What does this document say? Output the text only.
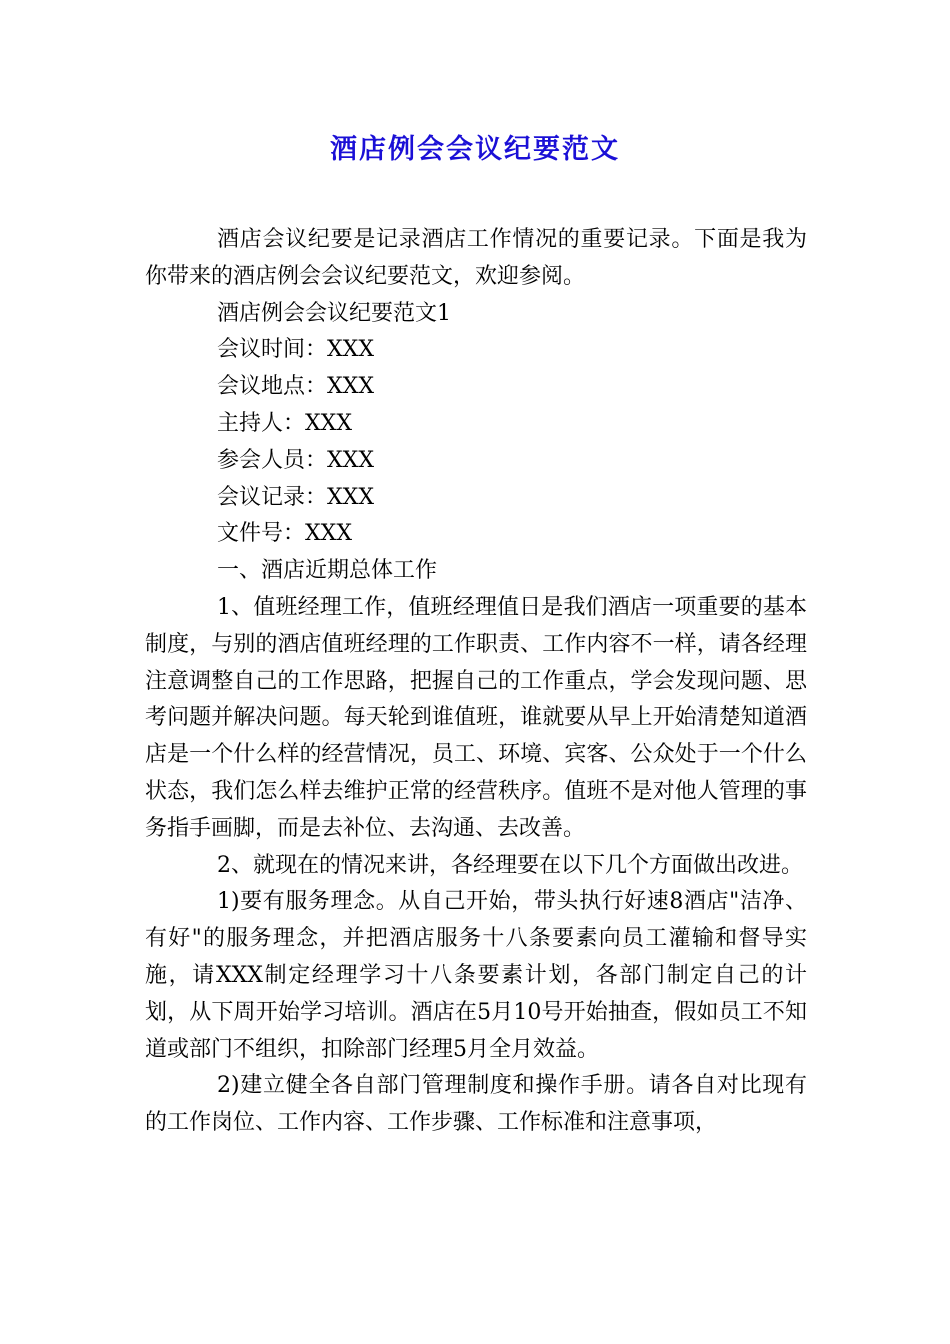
酒店例会会议纪要范文

酒店会议纪要是记录酒店工作情况的重要记录。下面是我为你带来的酒店例会会议纪要范文，欢迎参阅。

酒店例会会议纪要范文1

会议时间：XXX

会议地点：XXX

主持人：XXX

参会人员：XXX

会议记录：XXX

文件号：XXX

一、酒店近期总体工作

1、值班经理工作，值班经理值日是我们酒店一项重要的基本制度，与别的酒店值班经理的工作职责、工作内容不一样，请各经理注意调整自己的工作思路，把握自己的工作重点，学会发现问题、思考问题并解决问题。每天轮到谁值班，谁就要从早上开始清楚知道酒店是一个什么样的经营情况，员工、环境、宾客、公众处于一个什么状态，我们怎么样去维护正常的经营秩序。值班不是对他人管理的事务指手画脚，而是去补位、去沟通、去改善。

2、就现在的情况来讲，各经理要在以下几个方面做出改进。

1)要有服务理念。从自己开始，带头执行好速8酒店"洁净、有好"的服务理念，并把酒店服务十八条要素向员工灌输和督导实施，请XXX制定经理学习十八条要素计划，各部门制定自己的计划，从下周开始学习培训。酒店在5月10号开始抽查，假如员工不知道或部门不组织，扣除部门经理5月全月效益。

2)建立健全各自部门管理制度和操作手册。请各自对比现有的工作岗位、工作内容、工作步骤、工作标准和注意事项，
